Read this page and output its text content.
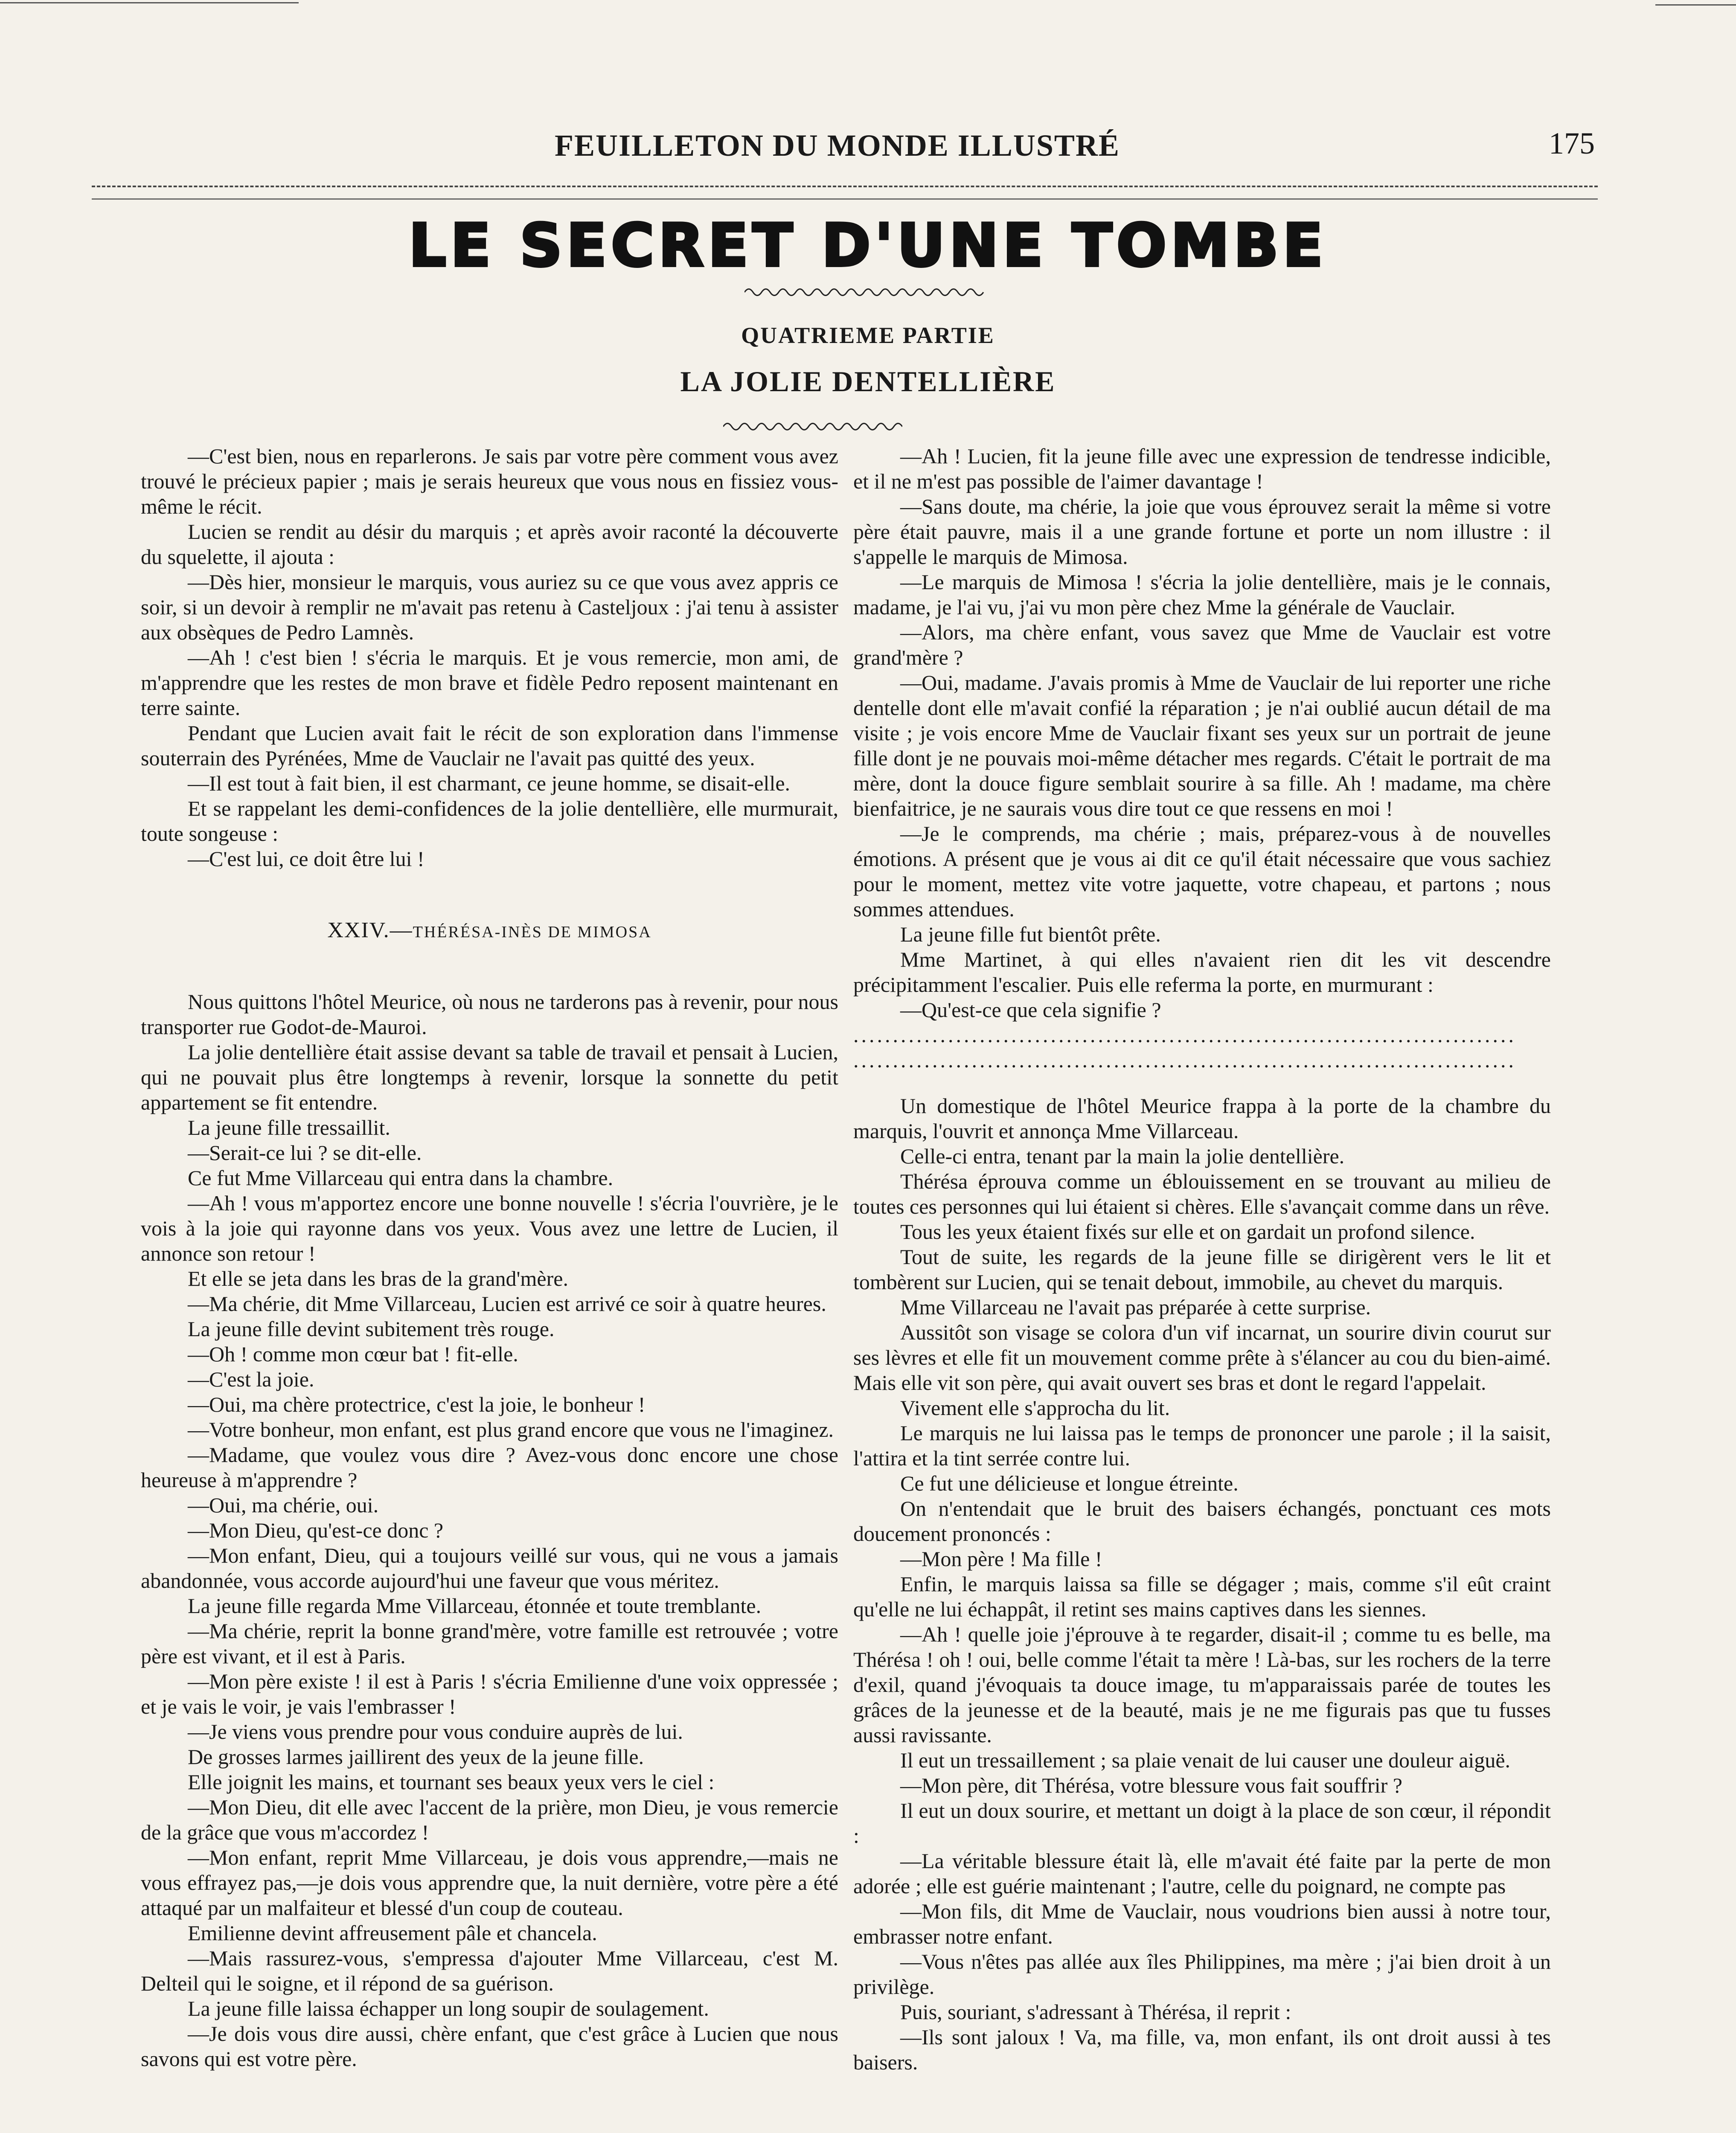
FEUILLETON DU MONDE ILLUSTRÉ	175
LE SECRET D'UNE TOMBE
QUATRIEME PARTIE
LA JOLIE DENTELLIÈRE

—C'est bien, nous en reparlerons. Je sais par votre père comment vous avez trouvé le précieux papier ; mais je serais heureux que vous nous en fissiez vous-même le récit.

Lucien se rendit au désir du marquis ; et après avoir raconté la découverte du squelette, il ajouta :

—Dès hier, monsieur le marquis, vous auriez su ce que vous avez appris ce soir, si un devoir à remplir ne m'avait pas retenu à Casteljoux : j'ai tenu à assister aux obsèques de Pedro Lamnès.

—Ah ! c'est bien ! s'écria le marquis. Et je vous remercie, mon ami, de m'apprendre que les restes de mon brave et fidèle Pedro reposent maintenant en terre sainte.

Pendant que Lucien avait fait le récit de son exploration dans l'immense souterrain des Pyrénées, Mme de Vauclair ne l'avait pas quitté des yeux.

—Il est tout à fait bien, il est charmant, ce jeune homme, se disait-elle.

Et se rappelant les demi-confidences de la jolie dentellière, elle murmurait, toute songeuse :

—C'est lui, ce doit être lui !

XXIV.—THÉRÉSA-INÈS DE MIMOSA

Nous quittons l'hôtel Meurice, où nous ne tarderons pas à revenir, pour nous transporter rue Godot-de-Mauroi.

La jolie dentellière était assise devant sa table de travail et pensait à Lucien, qui ne pouvait plus être longtemps à revenir, lorsque la sonnette du petit appartement se fit entendre.

La jeune fille tressaillit.

—Serait-ce lui ? se dit-elle.

Ce fut Mme Villarceau qui entra dans la chambre.

—Ah ! vous m'apportez encore une bonne nouvelle ! s'écria l'ouvrière, je le vois à la joie qui rayonne dans vos yeux. Vous avez une lettre de Lucien, il annonce son retour !

Et elle se jeta dans les bras de la grand'mère.

—Ma chérie, dit Mme Villarceau, Lucien est arrivé ce soir à quatre heures.

La jeune fille devint subitement très rouge.

—Oh ! comme mon cœur bat ! fit-elle.

—C'est la joie.

—Oui, ma chère protectrice, c'est la joie, le bonheur !

—Votre bonheur, mon enfant, est plus grand encore que vous ne l'imaginez.

—Madame, que voulez vous dire ? Avez-vous donc encore une chose heureuse à m'apprendre ?

—Oui, ma chérie, oui.

—Mon Dieu, qu'est-ce donc ?

—Mon enfant, Dieu, qui a toujours veillé sur vous, qui ne vous a jamais abandonnée, vous accorde aujourd'hui une faveur que vous méritez.

La jeune fille regarda Mme Villarceau, étonnée et toute tremblante.

—Ma chérie, reprit la bonne grand'mère, votre famille est retrouvée ; votre père est vivant, et il est à Paris.

—Mon père existe ! il est à Paris ! s'écria Emilienne d'une voix oppressée ; et je vais le voir, je vais l'embrasser !

—Je viens vous prendre pour vous conduire auprès de lui.

De grosses larmes jaillirent des yeux de la jeune fille.

Elle joignit les mains, et tournant ses beaux yeux vers le ciel :

—Mon Dieu, dit elle avec l'accent de la prière, mon Dieu, je vous remercie de la grâce que vous m'accordez !

—Mon enfant, reprit Mme Villarceau, je dois vous apprendre,—mais ne vous effrayez pas,—je dois vous apprendre que, la nuit dernière, votre père a été attaqué par un malfaiteur et blessé d'un coup de couteau.

Emilienne devint affreusement pâle et chancela.

—Mais rassurez-vous, s'empressa d'ajouter Mme Villarceau, c'est M. Delteil qui le soigne, et il répond de sa guérison.

La jeune fille laissa échapper un long soupir de soulagement.

—Je dois vous dire aussi, chère enfant, que c'est grâce à Lucien que nous savons qui est votre père.

—Ah ! Lucien, fit la jeune fille avec une expression de tendresse indicible, et il ne m'est pas possible de l'aimer davantage !

—Sans doute, ma chérie, la joie que vous éprouvez serait la même si votre père était pauvre, mais il a une grande fortune et porte un nom illustre : il s'appelle le marquis de Mimosa.

—Le marquis de Mimosa ! s'écria la jolie dentellière, mais je le connais, madame, je l'ai vu, j'ai vu mon père chez Mme la générale de Vauclair.

—Alors, ma chère enfant, vous savez que Mme de Vauclair est votre grand'mère ?

—Oui, madame. J'avais promis à Mme de Vauclair de lui reporter une riche dentelle dont elle m'avait confié la réparation ; je n'ai oublié aucun détail de ma visite ; je vois encore Mme de Vauclair fixant ses yeux sur un portrait de jeune fille dont je ne pouvais moi-même détacher mes regards. C'était le portrait de ma mère, dont la douce figure semblait sourire à sa fille. Ah ! madame, ma chère bienfaitrice, je ne saurais vous dire tout ce que ressens en moi !

—Je le comprends, ma chérie ; mais, préparez-vous à de nouvelles émotions. A présent que je vous ai dit ce qu'il était nécessaire que vous sachiez pour le moment, mettez vite votre jaquette, votre chapeau, et partons ; nous sommes attendues.

La jeune fille fut bientôt prête.

Mme Martinet, à qui elles n'avaient rien dit les vit descendre précipitamment l'escalier. Puis elle referma la porte, en murmurant :

—Qu'est-ce que cela signifie ?

....................................................................................
....................................................................................

Un domestique de l'hôtel Meurice frappa à la porte de la chambre du marquis, l'ouvrit et annonça Mme Villarceau.

Celle-ci entra, tenant par la main la jolie dentellière.

Thérésa éprouva comme un éblouissement en se trouvant au milieu de toutes ces personnes qui lui étaient si chères. Elle s'avançait comme dans un rêve.

Tous les yeux étaient fixés sur elle et on gardait un profond silence.

Tout de suite, les regards de la jeune fille se dirigèrent vers le lit et tombèrent sur Lucien, qui se tenait debout, immobile, au chevet du marquis.

Mme Villarceau ne l'avait pas préparée à cette surprise.

Aussitôt son visage se colora d'un vif incarnat, un sourire divin courut sur ses lèvres et elle fit un mouvement comme prête à s'élancer au cou du bien-aimé. Mais elle vit son père, qui avait ouvert ses bras et dont le regard l'appelait.

Vivement elle s'approcha du lit.

Le marquis ne lui laissa pas le temps de prononcer une parole ; il la saisit, l'attira et la tint serrée contre lui.

Ce fut une délicieuse et longue étreinte.

On n'entendait que le bruit des baisers échangés, ponctuant ces mots doucement prononcés :

—Mon père ! Ma fille !

Enfin, le marquis laissa sa fille se dégager ; mais, comme s'il eût craint qu'elle ne lui échappât, il retint ses mains captives dans les siennes.

—Ah ! quelle joie j'éprouve à te regarder, disait-il ; comme tu es belle, ma Thérésa ! oh ! oui, belle comme l'était ta mère ! Là-bas, sur les rochers de la terre d'exil, quand j'évoquais ta douce image, tu m'apparaissais parée de toutes les grâces de la jeunesse et de la beauté, mais je ne me figurais pas que tu fusses aussi ravissante.

Il eut un tressaillement ; sa plaie venait de lui causer une douleur aiguë.

—Mon père, dit Thérésa, votre blessure vous fait souffrir ?

Il eut un doux sourire, et mettant un doigt à la place de son cœur, il répondit :

—La véritable blessure était là, elle m'avait été faite par la perte de mon adorée ; elle est guérie maintenant ; l'autre, celle du poignard, ne compte pas

—Mon fils, dit Mme de Vauclair, nous voudrions bien aussi à notre tour, embrasser notre enfant.

—Vous n'êtes pas allée aux îles Philippines, ma mère ; j'ai bien droit à un privilège.

Puis, souriant, s'adressant à Thérésa, il reprit :

—Ils sont jaloux ! Va, ma fille, va, mon enfant, ils ont droit aussi à tes baisers.
